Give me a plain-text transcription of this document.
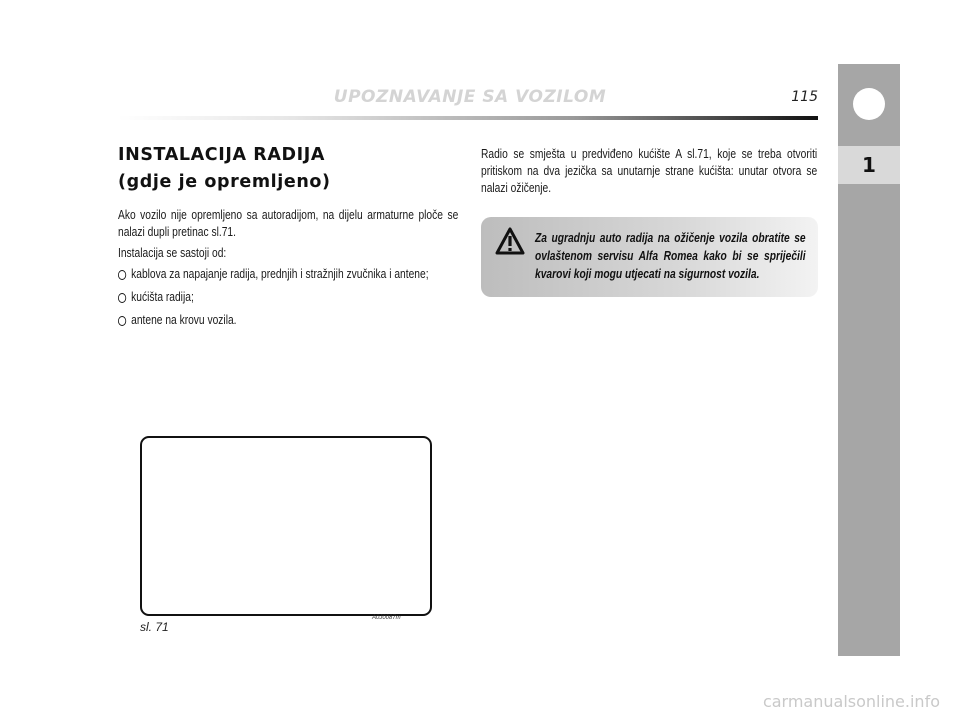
UPOZNAVANJE SA VOZILOM	115
1
INSTALACIJA RADIJA
(gdje je opremljeno)

Ako vozilo nije opremljeno sa autoradijom, na dijelu armaturne ploče se nalazi dupli pretinac sl.71.

Instalacija se sastoji od:

kablova za napajanje radija, prednjih i stražnjih zvučnika i antene;
kućišta radija;
antene na krovu vozila.
Radio se smješta u predviđeno kućište A sl.71, koje se treba otvoriti pritiskom na dva jezička sa unutarnje strane kućišta: unutar otvora se nalazi ožičenje.
Za ugradnju auto radija na ožičenje vozila obratite se ovlaštenom servisu Alfa Romea kako bi se spriječili kvarovi koji mogu utjecati na sigurnost vozila.
A0J0087m
sl. 71
carmanualsonline.info
